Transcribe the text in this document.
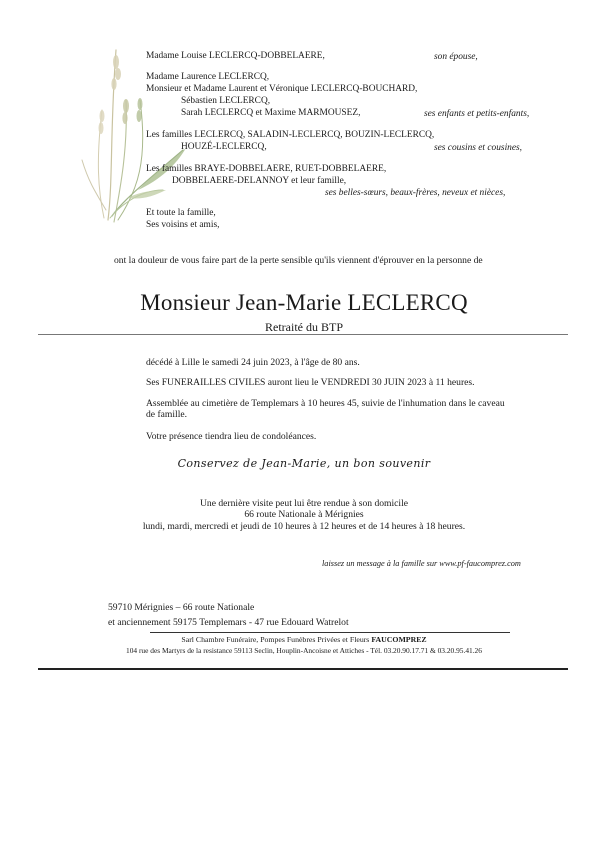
Madame Louise LECLERCQ-DOBBELAERE,	son épouse,
Madame Laurence LECLERCQ,
Monsieur et Madame Laurent et Véronique LECLERCQ-BOUCHARD,
Sébastien LECLERCQ,
Sarah LECLERCQ et Maxime MARMOUSEZ,	ses enfants et petits-enfants,
Les familles LECLERCQ, SALADIN-LECLERCQ, BOUZIN-LECLERCQ,
HOUZÉ-LECLERCQ,	ses cousins et cousines,
Les familles BRAYE-DOBBELAERE, RUET-DOBBELAERE,
DOBBELAERE-DELANNOY et leur famille,
ses belles-sœurs, beaux-frères, neveux et nièces,
Et toute la famille,
Ses voisins et amis,
ont la douleur de vous faire part de la perte sensible qu'ils viennent d'éprouver en la personne de
Monsieur Jean-Marie LECLERCQ
Retraité du BTP
décédé à Lille le samedi 24 juin 2023, à l'âge de 80 ans.
Ses FUNERAILLES CIVILES auront lieu le VENDREDI 30 JUIN 2023 à 11 heures.
Assemblée au cimetière de Templemars à 10 heures 45, suivie de l'inhumation dans le caveau
de famille.
Votre présence tiendra lieu de condoléances.
Conservez de Jean-Marie, un bon souvenir
Une dernière visite peut lui être rendue à son domicile
66 route Nationale à Mérignies
lundi, mardi, mercredi et jeudi de 10 heures à 12 heures et de 14 heures à 18 heures.
laissez un message à la famille sur www.pf-faucomprez.com
59710 Mérignies – 66 route Nationale
et anciennement 59175 Templemars - 47 rue Edouard Watrelot
Sarl Chambre Funéraire, Pompes Funèbres Privées et Fleurs FAUCOMPREZ
104 rue des Martyrs de la resistance 59113 Seclin, Houplin-Ancoisne et Attiches - Tél. 03.20.90.17.71 & 03.20.95.41.26
